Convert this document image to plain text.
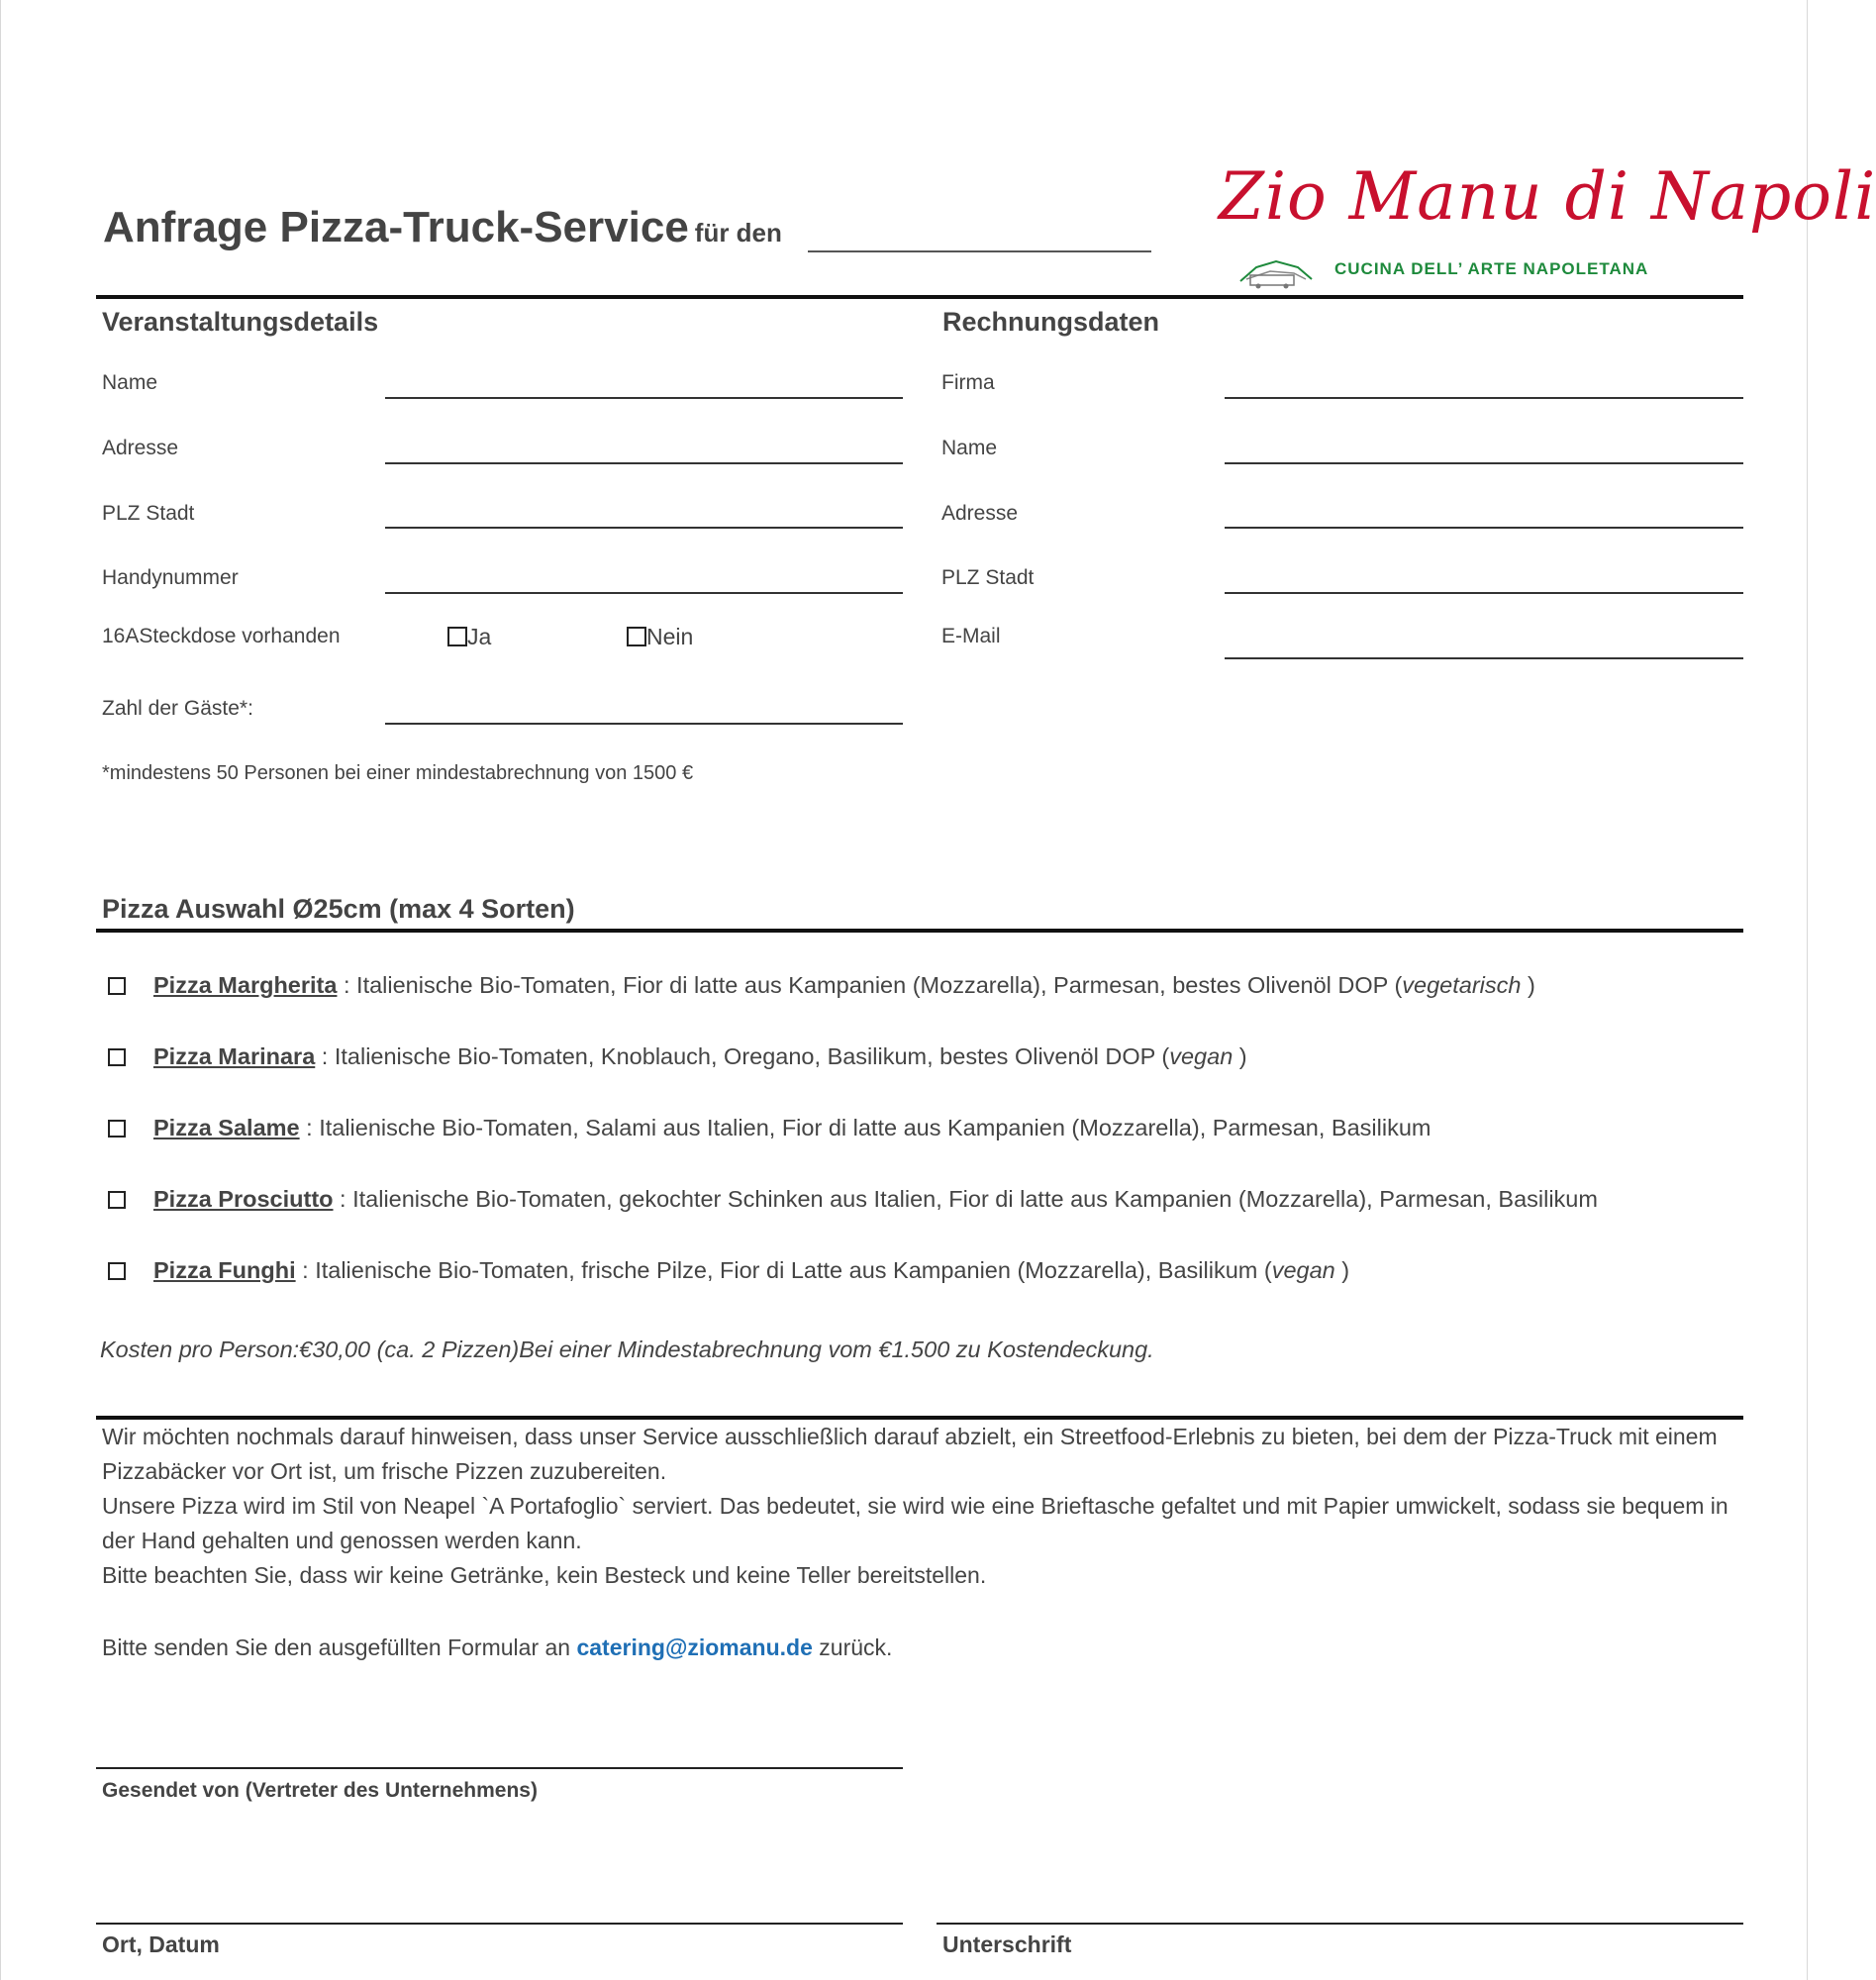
Anfrage Pizza-Truck-Service für den	Zio Manu di Napoli
CUCINA DELL’ ARTE NAPOLETANA
Veranstaltungsdetails
Name
Adresse
PLZ Stadt
Handynummer
16ASteckdose vorhanden	Ja	Nein
Zahl der Gäste*:
*mindestens 50 Personen bei einer mindestabrechnung von 1500 €
Rechnungsdaten
Firma
Name
Adresse
PLZ Stadt
E-Mail
Pizza Auswahl Ø25cm (max 4 Sorten)
Pizza Margherita : Italienische Bio-Tomaten, Fior di latte aus Kampanien (Mozzarella), Parmesan, bestes Olivenöl DOP (vegetarisch )
Pizza Marinara : Italienische Bio-Tomaten, Knoblauch, Oregano, Basilikum, bestes Olivenöl DOP (vegan )
Pizza Salame : Italienische Bio-Tomaten, Salami aus Italien, Fior di latte aus Kampanien (Mozzarella), Parmesan, Basilikum
Pizza Prosciutto : Italienische Bio-Tomaten, gekochter Schinken aus Italien, Fior di latte aus Kampanien (Mozzarella), Parmesan, Basilikum
Pizza Funghi : Italienische Bio-Tomaten, frische Pilze, Fior di Latte aus Kampanien (Mozzarella), Basilikum (vegan )
Kosten pro Person:€30,00 (ca. 2 Pizzen)Bei einer Mindestabrechnung vom €1.500 zu Kostendeckung.

Wir möchten nochmals darauf hinweisen, dass unser Service ausschließlich darauf abzielt, ein Streetfood-Erlebnis zu bieten, bei dem der Pizza-Truck mit einem Pizzabäcker vor Ort ist, um frische Pizzen zuzubereiten.

Unsere Pizza wird im Stil von Neapel `A Portafoglio` serviert. Das bedeutet, sie wird wie eine Brieftasche gefaltet und mit Papier umwickelt, sodass sie bequem in der Hand gehalten und genossen werden kann.

Bitte beachten Sie, dass wir keine Getränke, kein Besteck und keine Teller bereitstellen.

Bitte senden Sie den ausgefüllten Formular an catering@ziomanu.de zurück.
Gesendet von (Vertreter des Unternehmens)
Ort, Datum	Unterschrift
